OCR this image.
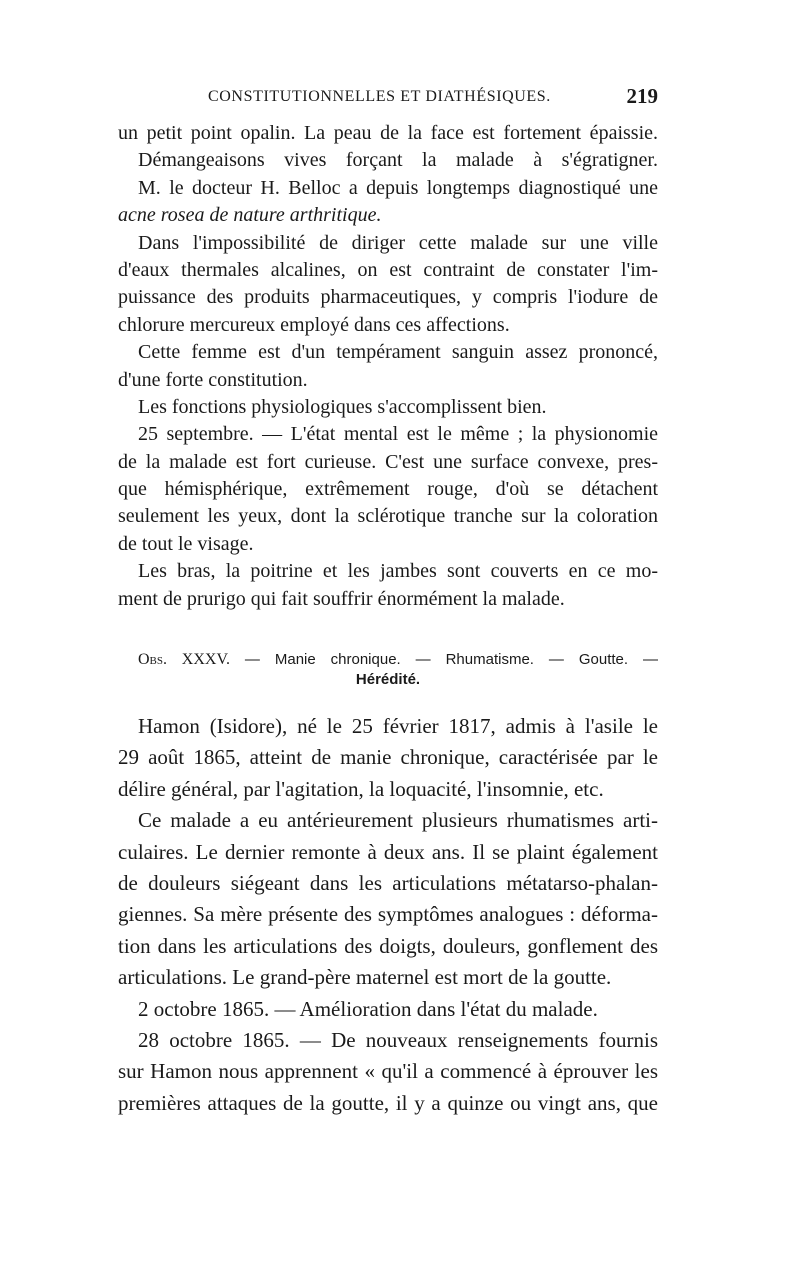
CONSTITUTIONNELLES ET DIATHÉSIQUES.	219
un petit point opalin. La peau de la face est fortement épaissie.
Démangeaisons vives forçant la malade à s'égratigner.
M. le docteur H. Belloc a depuis longtemps diagnostiqué une
acne rosea de nature arthritique.
Dans l'impossibilité de diriger cette malade sur une ville
d'eaux thermales alcalines, on est contraint de constater l'im-
puissance des produits pharmaceutiques, y compris l'iodure de
chlorure mercureux employé dans ces affections.
Cette femme est d'un tempérament sanguin assez prononcé,
d'une forte constitution.
Les fonctions physiologiques s'accomplissent bien.
25 septembre. — L'état mental est le même ; la physionomie
de la malade est fort curieuse. C'est une surface convexe, pres-
que hémisphérique, extrêmement rouge, d'où se détachent
seulement les yeux, dont la sclérotique tranche sur la coloration
de tout le visage.
Les bras, la poitrine et les jambes sont couverts en ce mo-
ment de prurigo qui fait souffrir énormément la malade.
Obs. XXXV. — Manie chronique. — Rhumatisme. — Goutte. —
Hérédité.
Hamon (Isidore), né le 25 février 1817, admis à l'asile le
29 août 1865, atteint de manie chronique, caractérisée par le
délire général, par l'agitation, la loquacité, l'insomnie, etc.
Ce malade a eu antérieurement plusieurs rhumatismes arti-
culaires. Le dernier remonte à deux ans. Il se plaint également
de douleurs siégeant dans les articulations métatarso-phalan-
giennes. Sa mère présente des symptômes analogues : déforma-
tion dans les articulations des doigts, douleurs, gonflement des
articulations. Le grand-père maternel est mort de la goutte.
2 octobre 1865. — Amélioration dans l'état du malade.
28 octobre 1865. — De nouveaux renseignements fournis
sur Hamon nous apprennent « qu'il a commencé à éprouver les
premières attaques de la goutte, il y a quinze ou vingt ans, que
